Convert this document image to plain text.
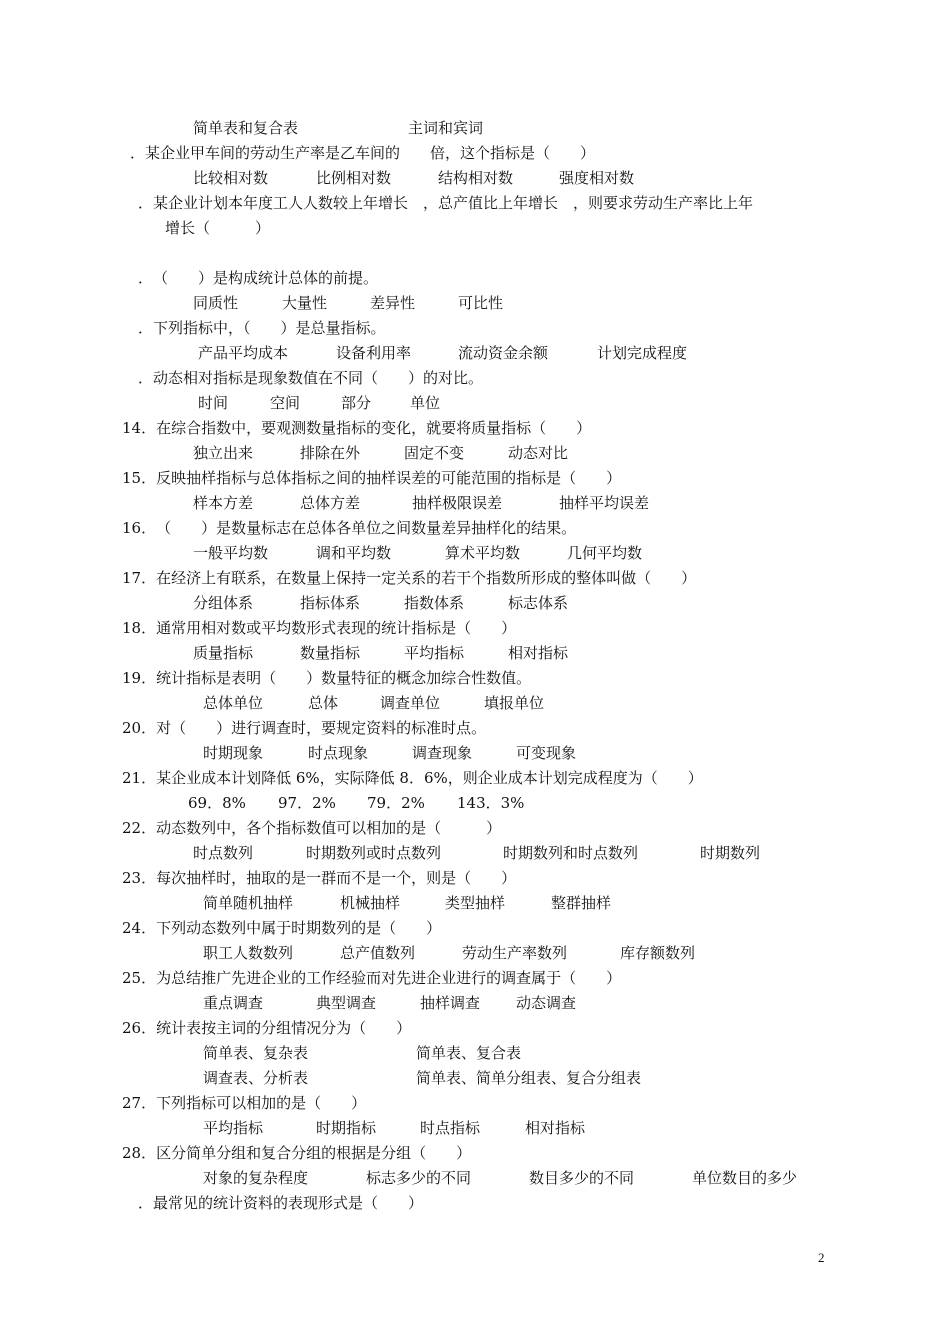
简单表和复合表	主词和宾词
．某企业甲车间的劳动生产率是乙车间的　　倍，这个指标是（　　）
比较相对数	比例相对数	结构相对数	强度相对数
．某企业计划本年度工人人数较上年增长　，总产值比上年增长　，则要求劳动生产率比上年
增长（　　　）
．（　　）是构成统计总体的前提。
同质性	大量性	差异性	可比性
．下列指标中，（　　）是总量指标。
产品平均成本	设备利用率	流动资金余额	计划完成程度
．动态相对指标是现象数值在不同（　　）的对比。
时间	空间	部分	单位
14．在综合指数中，要观测数量指标的变化，就要将质量指标（　　）
独立出来	排除在外	固定不变	动态对比
15．反映抽样指标与总体指标之间的抽样误差的可能范围的指标是（　　）
样本方差	总体方差	抽样极限误差	抽样平均误差
16．（　　）是数量标志在总体各单位之间数量差异抽样化的结果。
一般平均数	调和平均数	算术平均数	几何平均数
17．在经济上有联系，在数量上保持一定关系的若干个指数所形成的整体叫做（　　）
分组体系	指标体系	指数体系	标志体系
18．通常用相对数或平均数形式表现的统计指标是（　　）
质量指标	数量指标	平均指标	相对指标
19．统计指标是表明（　　）数量特征的概念加综合性数值。
总体单位	总体	调查单位	填报单位
20．对（　　）进行调查时，要规定资料的标准时点。
时期现象	时点现象	调查现象	可变现象
21．某企业成本计划降低 6%，实际降低 8．6%，则企业成本计划完成程度为（　　）
69．8% 97．2% 79．2% 143．3%
22．动态数列中，各个指标数值可以相加的是（　　　）
时点数列	时期数列或时点数列	时期数列和时点数列	时期数列
23．每次抽样时，抽取的是一群而不是一个，则是（　　）
简单随机抽样	机械抽样	类型抽样	整群抽样
24．下列动态数列中属于时期数列的是（　　）
职工人数数列	总产值数列	劳动生产率数列	库存额数列
25．为总结推广先进企业的工作经验而对先进企业进行的调查属于（　　）
重点调查	典型调查	抽样调查 动态调查
26．统计表按主词的分组情况分为（　　）
简单表、复杂表	简单表、复合表
调查表、分析表	简单表、简单分组表、复合分组表
27．下列指标可以相加的是（　　）
平均指标	时期指标	时点指标	相对指标
28．区分简单分组和复合分组的根据是分组（　　）
对象的复杂程度	标志多少的不同	数目多少的不同	单位数目的多少
．最常见的统计资料的表现形式是（　　）
2
